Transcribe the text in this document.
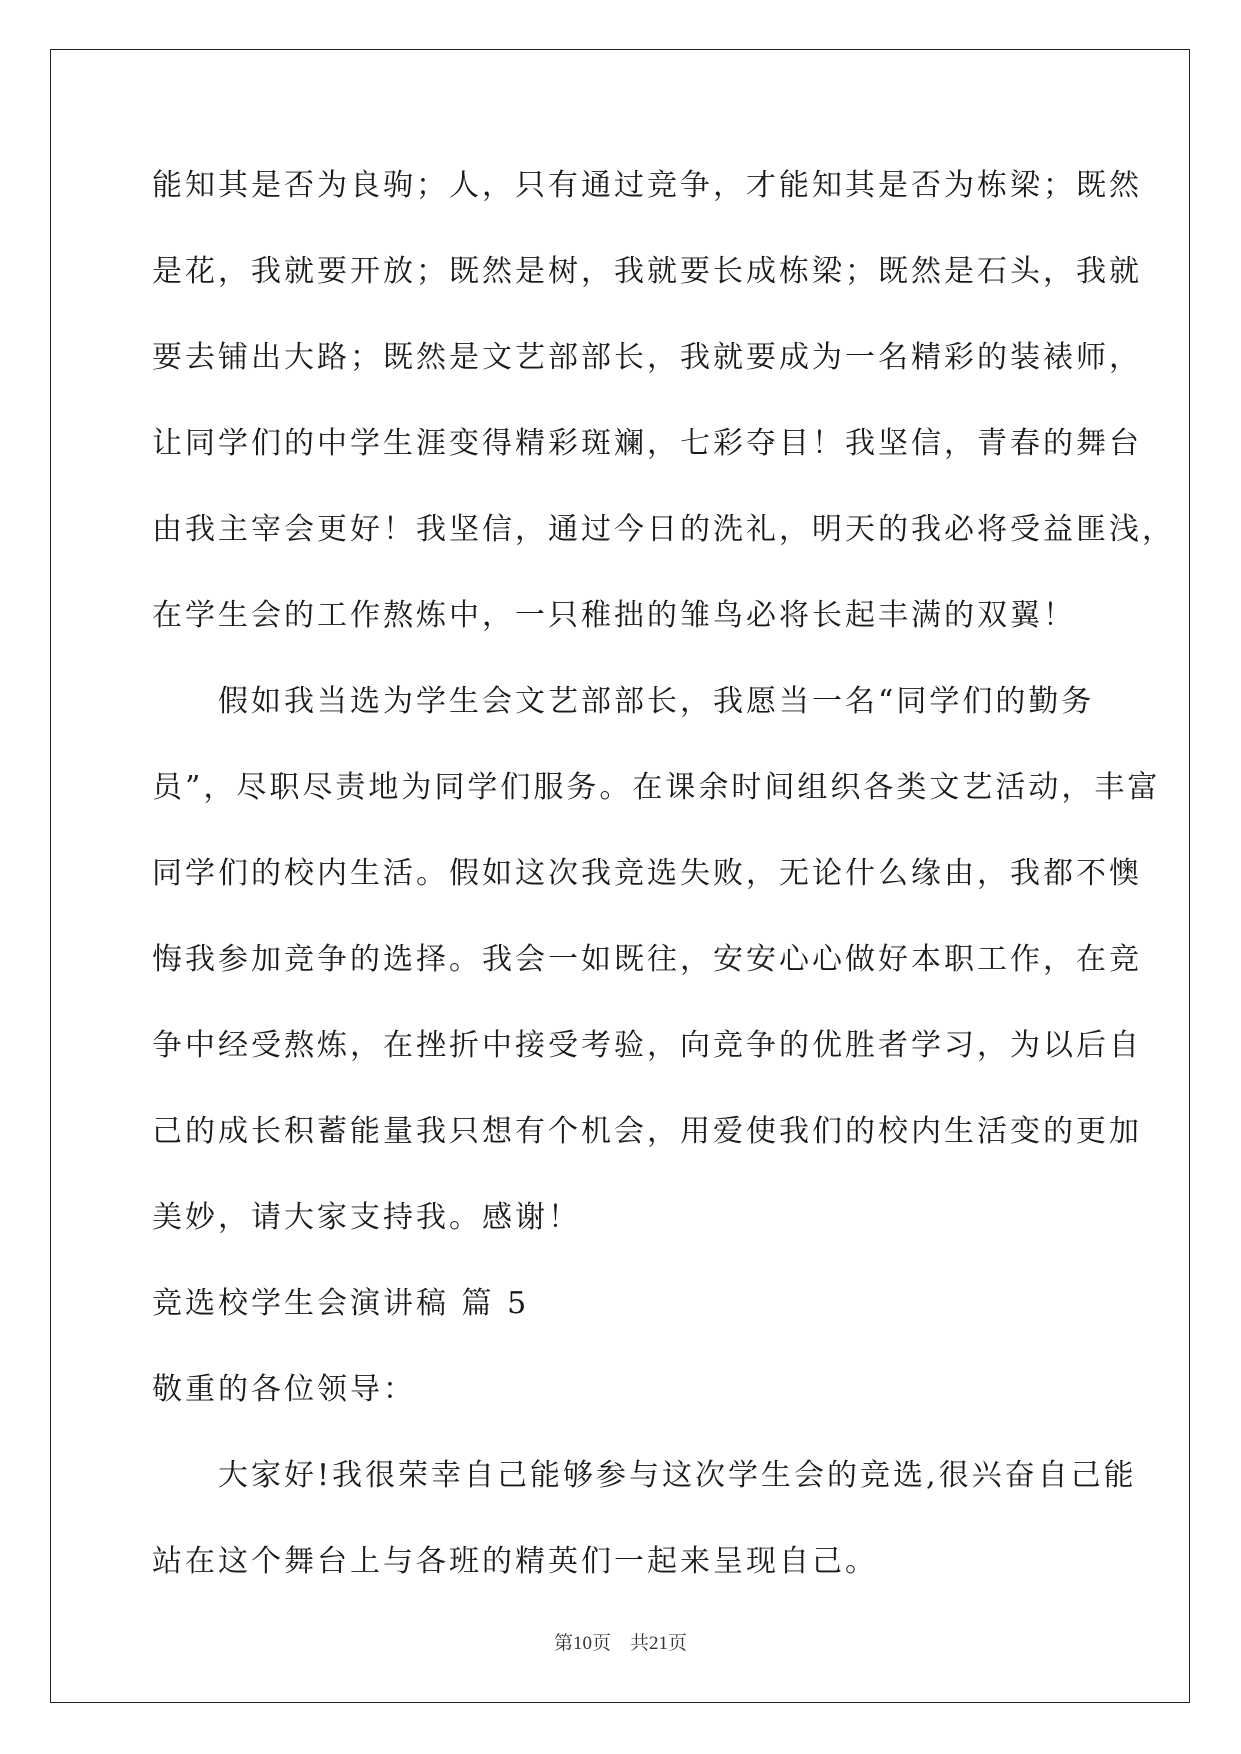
能知其是否为良驹；人，只有通过竞争，才能知其是否为栋梁；既然
是花，我就要开放；既然是树，我就要长成栋梁；既然是石头，我就
要去铺出大路；既然是文艺部部长，我就要成为一名精彩的装裱师，
让同学们的中学生涯变得精彩斑斓，七彩夺目！我坚信，青春的舞台
由我主宰会更好！我坚信，通过今日的洗礼，明天的我必将受益匪浅，
在学生会的工作熬炼中，一只稚拙的雏鸟必将长起丰满的双翼！
　　假如我当选为学生会文艺部部长，我愿当一名“同学们的勤务
员”，尽职尽责地为同学们服务。在课余时间组织各类文艺活动，丰富
同学们的校内生活。假如这次我竞选失败，无论什么缘由，我都不懊
悔我参加竞争的选择。我会一如既往，安安心心做好本职工作，在竞
争中经受熬炼，在挫折中接受考验，向竞争的优胜者学习，为以后自
己的成长积蓄能量我只想有个机会，用爱使我们的校内生活变的更加
美妙，请大家支持我。感谢！
竞选校学生会演讲稿 篇 5
敬重的各位领导：
　　大家好!我很荣幸自己能够参与这次学生会的竞选,很兴奋自己能
站在这个舞台上与各班的精英们一起来呈现自己。
第10页　共21页
